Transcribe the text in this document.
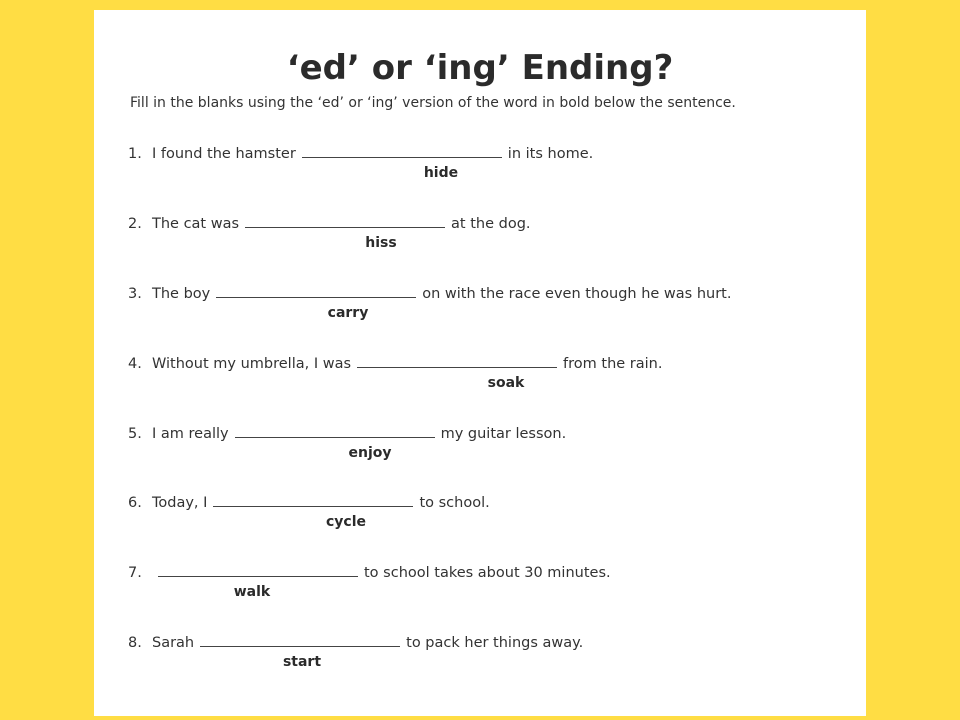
‘ed’ or ‘ing’ Ending?

Fill in the blanks using the ‘ed’ or ‘ing’ version of the word in bold below the sentence.

1. I found the hamster	in its home.
hide
2. The cat was	at the dog.
hiss
3. The boy	on with the race even though he was hurt.
carry
4. Without my umbrella, I was	from the rain.
soak
5. I am really	my guitar lesson.
enjoy
6. Today, I	to school.
cycle
7.	to school takes about 30 minutes.
walk
8. Sarah	to pack her things away.
start
